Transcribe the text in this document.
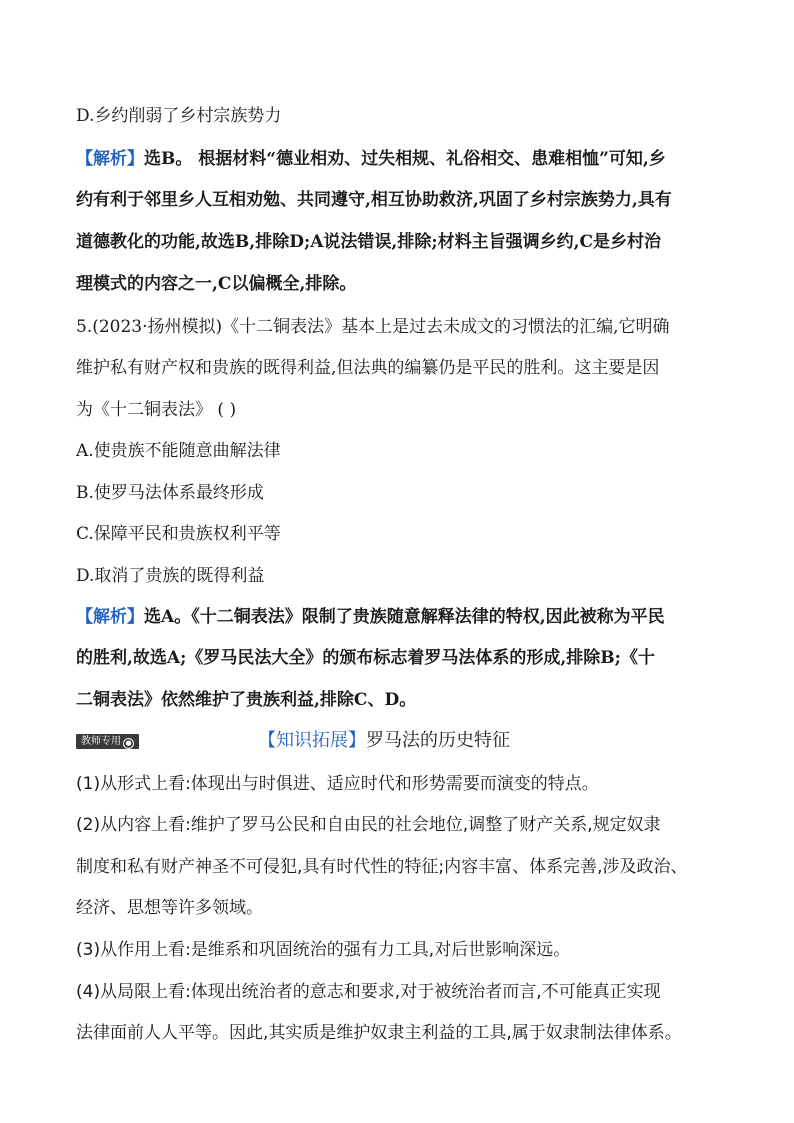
D.乡约削弱了乡村宗族势力
【解析】选B。 根据材料“德业相劝、过失相规、礼俗相交、患难相恤”可知,乡
约有利于邻里乡人互相劝勉、共同遵守,相互协助救济,巩固了乡村宗族势力,具有
道德教化的功能,故选B,排除D;A说法错误,排除;材料主旨强调乡约,C是乡村治
理模式的内容之一,C以偏概全,排除。
5.(2023·扬州模拟)《十二铜表法》基本上是过去未成文的习惯法的汇编,它明确
维护私有财产权和贵族的既得利益,但法典的编纂仍是平民的胜利。这主要是因
为《十二铜表法》 ( )
A.使贵族不能随意曲解法律
B.使罗马法体系最终形成
C.保障平民和贵族权利平等
D.取消了贵族的既得利益
【解析】选A。《十二铜表法》限制了贵族随意解释法律的特权,因此被称为平民
的胜利,故选A;《罗马民法大全》的颁布标志着罗马法体系的形成,排除B;《十
二铜表法》依然维护了贵族利益,排除C、D。
教师专用 ●	【知识拓展】罗马法的历史特征
(1)从形式上看:体现出与时俱进、适应时代和形势需要而演变的特点。
(2)从内容上看:维护了罗马公民和自由民的社会地位,调整了财产关系,规定奴隶
制度和私有财产神圣不可侵犯,具有时代性的特征;内容丰富、体系完善,涉及政治、
经济、思想等许多领域。
(3)从作用上看:是维系和巩固统治的强有力工具,对后世影响深远。
(4)从局限上看:体现出统治者的意志和要求,对于被统治者而言,不可能真正实现
法律面前人人平等。因此,其实质是维护奴隶主利益的工具,属于奴隶制法律体系。
